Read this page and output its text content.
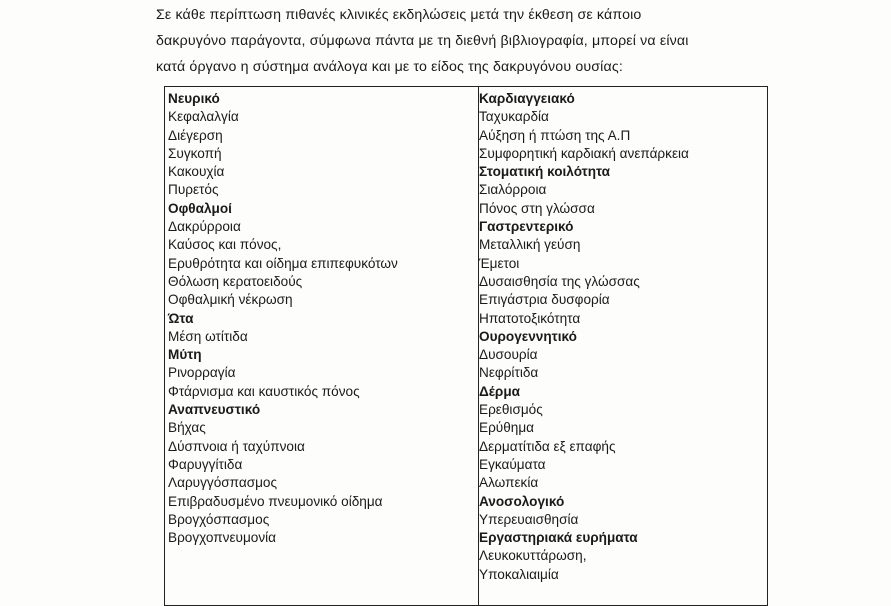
Σε κάθε περίπτωση πιθανές κλινικές εκδηλώσεις μετά την έκθεση σε κάποιο

δακρυγόνο παράγοντα, σύμφωνα πάντα με τη διεθνή βιβλιογραφία, μπορεί να είναι

κατά όργανο η σύστημα ανάλογα και με το είδος της δακρυγόνου ουσίας:

Νευρικό
Κεφαλαλγία
Διέγερση
Συγκοπή
Κακουχία
Πυρετός
Οφθαλμοί
Δακρύρροια
Καύσος και πόνος,
Ερυθρότητα και οίδημα επιπεφυκότων
Θόλωση κερατοειδούς
Οφθαλμική νέκρωση
Ώτα
Μέση ωτίτιδα
Μύτη
Ρινορραγία
Φτάρνισμα και καυστικός πόνος
Αναπνευστικό
Βήχας
Δύσπνοια ή ταχύπνοια
Φαρυγγίτιδα
Λαρυγγόσπασμος
Επιβραδυσμένο πνευμονικό οίδημα
Βρογχόσπασμος
Βρογχοπνευμονία
Καρδιαγγειακό
Ταχυκαρδία
Αύξηση ή πτώση της Α.Π
Συμφορητική καρδιακή ανεπάρκεια
Στοματική κοιλότητα
Σιαλόρροια
Πόνος στη γλώσσα
Γαστρεντερικό
Μεταλλική γεύση
Έμετοι
Δυσαισθησία της γλώσσας
Επιγάστρια δυσφορία
Ηπατοτοξικότητα
Ουρογεννητικό
Δυσουρία
Νεφρίτιδα
Δέρμα
Ερεθισμός
Ερύθημα
Δερματίτιδα εξ επαφής
Εγκαύματα
Αλωπεκία
Ανοσολογικό
Υπερευαισθησία
Εργαστηριακά ευρήματα
Λευκοκυττάρωση,
Υποκαλιαιμία
